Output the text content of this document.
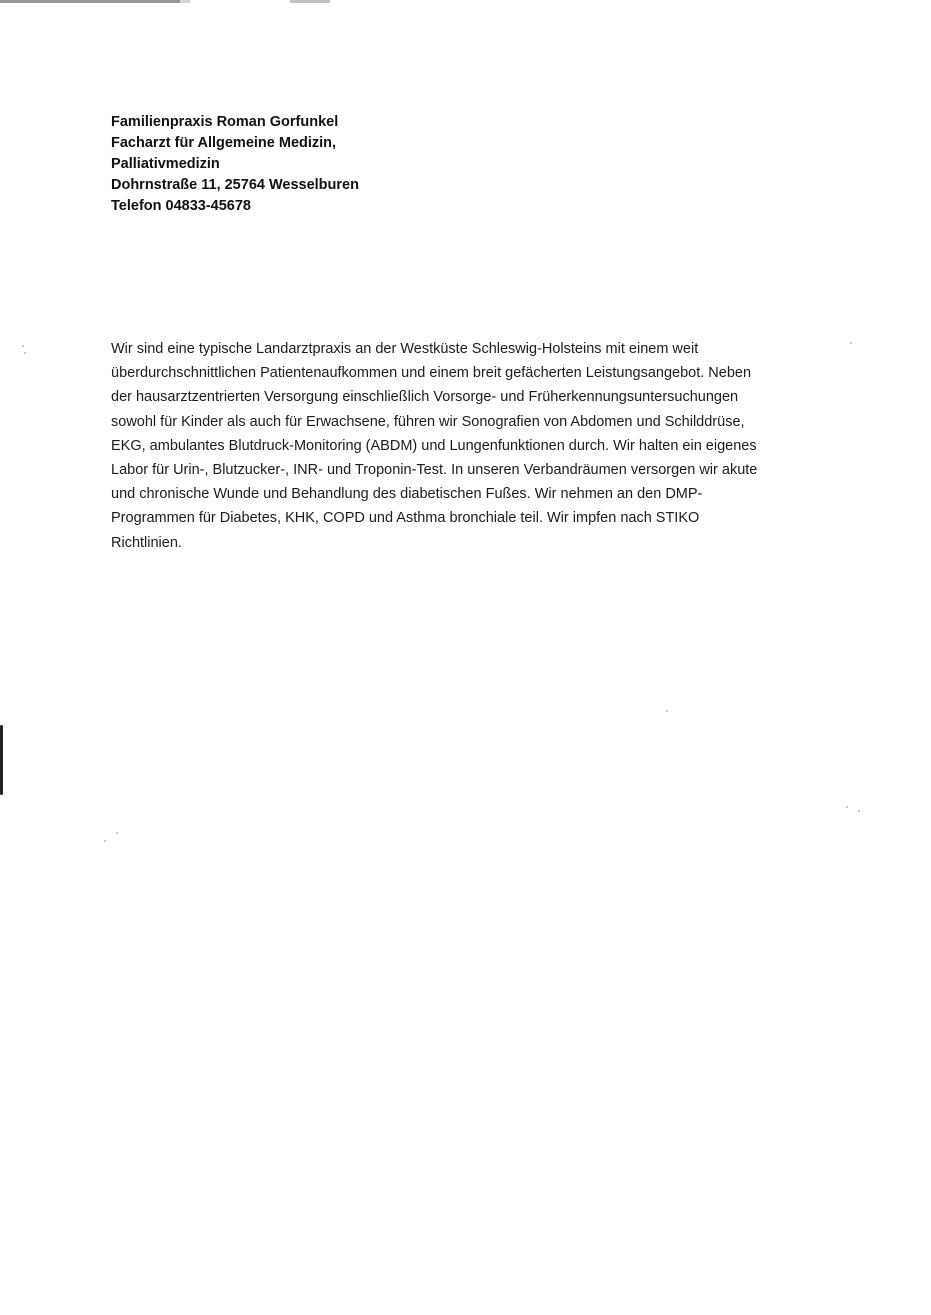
Familienpraxis Roman Gorfunkel
Facharzt für Allgemeine Medizin,
Palliativmedizin
Dohrnstraße 11, 25764 Wesselburen
Telefon 04833-45678
Wir sind eine typische Landarztpraxis an der Westküste Schleswig-Holsteins mit einem weit
überdurchschnittlichen Patientenaufkommen und einem breit gefächerten Leistungsangebot. Neben
der hausarztzentrierten Versorgung einschließlich Vorsorge- und Früherkennungsuntersuchungen
sowohl für Kinder als auch für Erwachsene, führen wir Sonografien von Abdomen und Schilddrüse,
EKG, ambulantes Blutdruck-Monitoring (ABDM) und Lungenfunktionen durch. Wir halten ein eigenes
Labor für Urin-, Blutzucker-, INR- und Troponin-Test. In unseren Verbandräumen versorgen wir akute
und chronische Wunde und Behandlung des diabetischen Fußes. Wir nehmen an den DMP-
Programmen für Diabetes, KHK, COPD und Asthma bronchiale teil. Wir impfen nach STIKO
Richtlinien.
